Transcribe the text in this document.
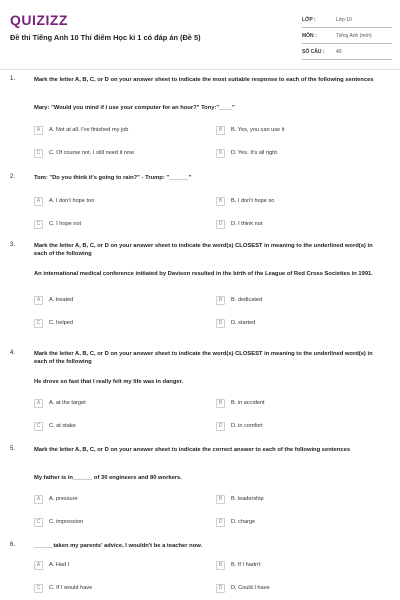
QUIZIZZ
Đề thi Tiếng Anh 10 Thí điểm Học kì 1 có đáp án (Đề 5)
LỚP :	Lớp 10
MÔN :	Tiếng Anh (mới)
SỐ CÂU :	40
1.	Mark the letter A, B, C, or D on your answer sheet to indicate the most suitable response to each of the following sentences
Mary: "Would you mind if I use your computer for an hour?" Tony:"____"
A	A. Not at all. I've finished my job	B	B. Yes, you can use it
C	C. Of course not. I still need it now	D	D. Yes. It's all right.
2.	Tom: "Do you think it's going to rain?" - Trump: "______"
A	A. I don't hope too	B	B. I don't hope so
C	C. I hope not	D	D. I think not
3.	Mark the letter A, B, C, or D on your answer sheet to indicate the word(s) CLOSEST in meaning to the underlined word(s) in each of the following
An international medical conference initiated by Davison resulted in the birth of the League of Red Cross Societies in 1991.
A	A. treated	B	B. dedicated
C	C. helped	D	D. started
4.	Mark the letter A, B, C, or D on your answer sheet to indicate the word(s) CLOSEST in meaning to the underlined word(s) in each of the following
He drove so fast that I really felt my life was in danger.
A	A. at the target	B	B. in accident
C	C. at stake	D	D. in comfort
5.	Mark the letter A, B, C, or D on your answer sheet to indicate the correct answer to each of the following sentences
My father is in______ of 30 engineers and 80 workers.
A	A. pressure	B	B. leadership
C	C. impression	D	D. charge
6.	______taken my parents' advice, I wouldn't be a teacher now.
A	A. Had I	B	B. If I hadn't
C	C. If I would have	D	D. Could I have
